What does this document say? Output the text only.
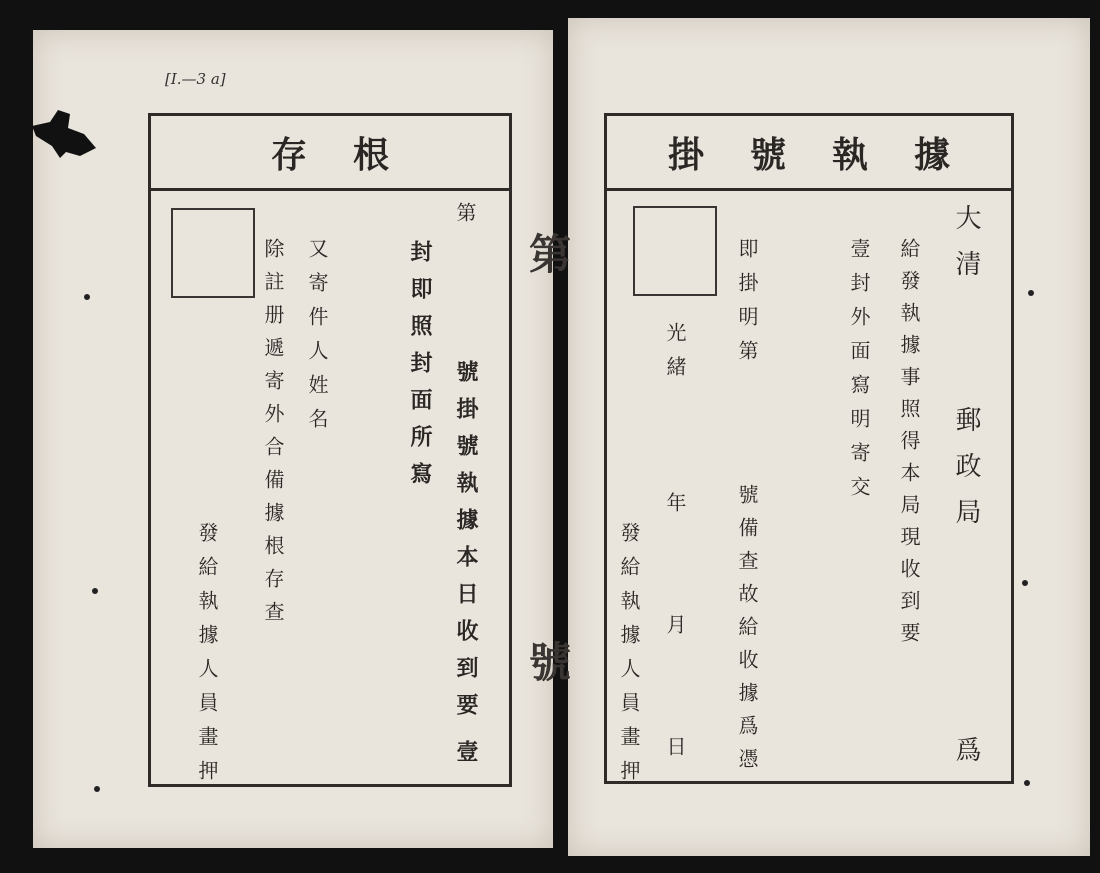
[I.—3 a]
存根
第
號掛號執據本日收到要
壹
封即照封面所寫
又寄件人姓名
除註册遞寄外合備據根存查
發給執據人員畫押
第
號
掛號執據
大清
郵政局
爲
給發執據事照得本局現收到要
壹封外面寫明寄交
即掛明第
號備查故給收據爲憑
光緒
年
月
日
發給執據人員畫押
